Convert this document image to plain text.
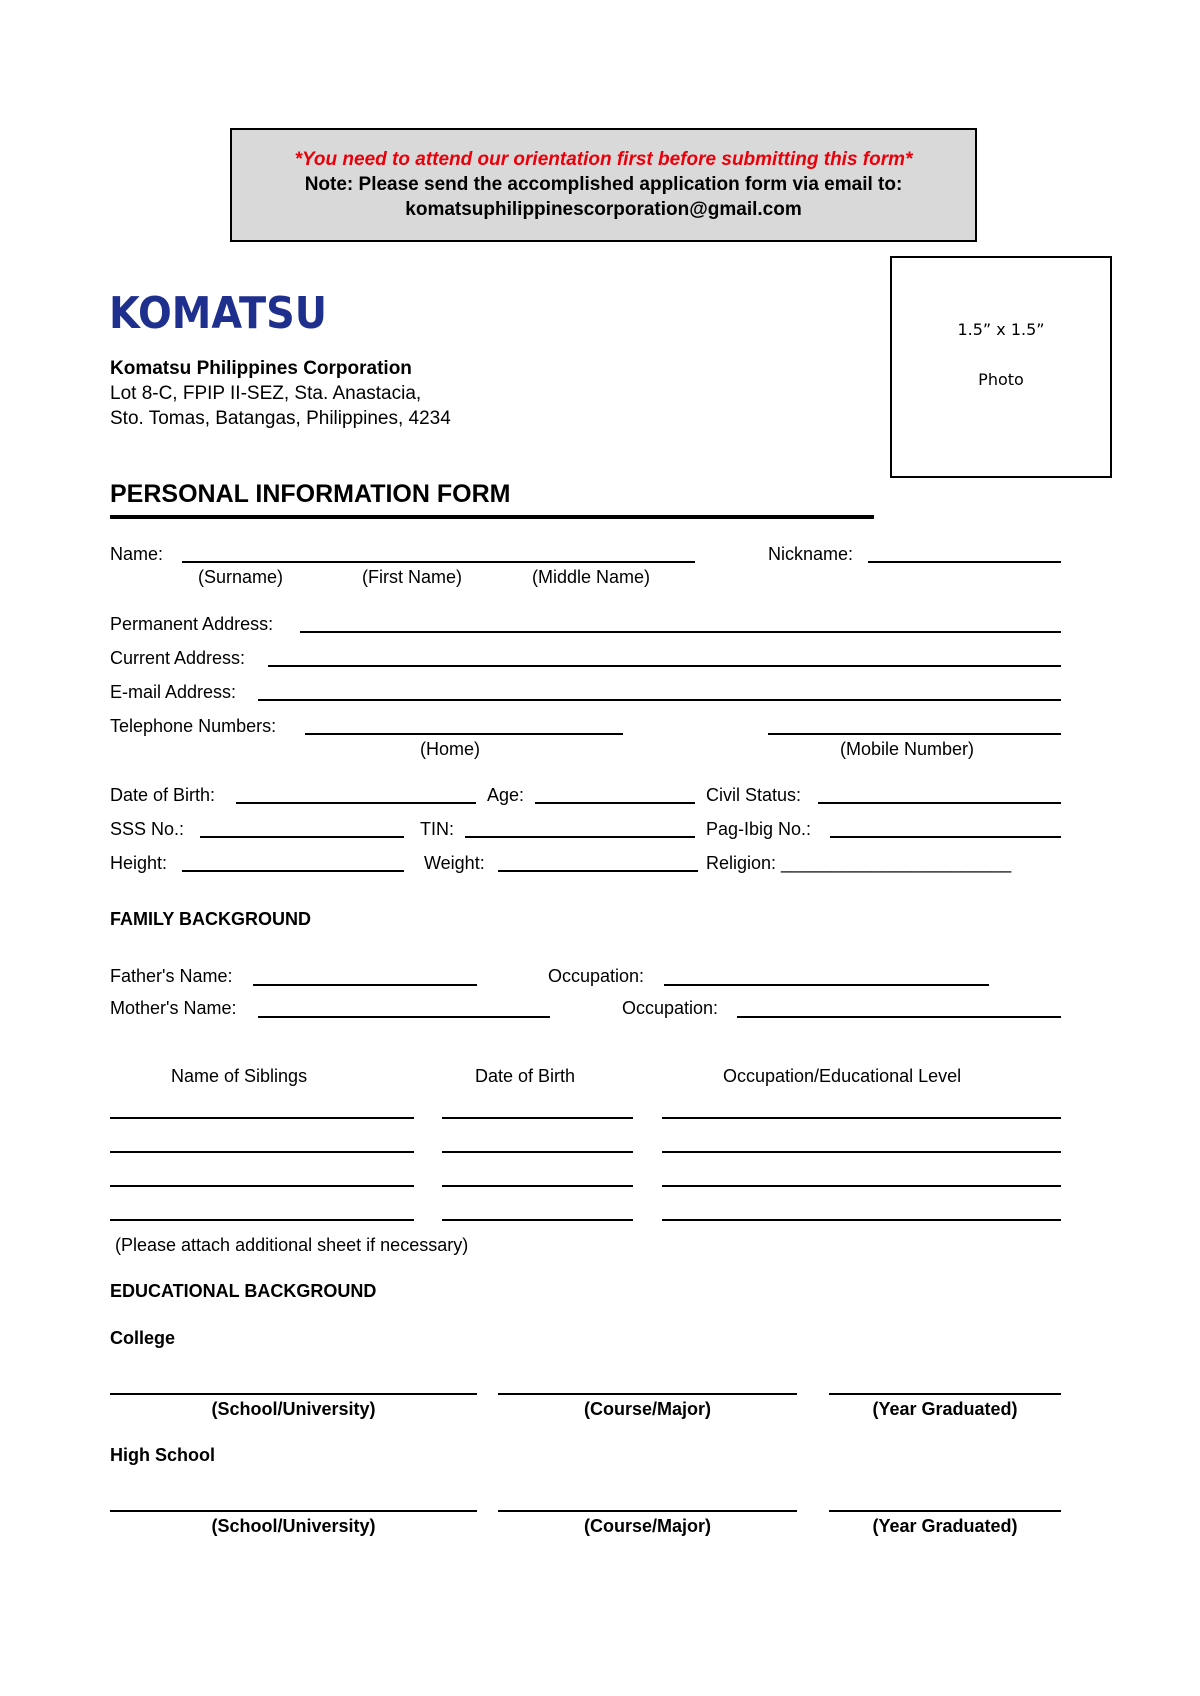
*You need to attend our orientation first before submitting this form*
Note: Please send the accomplished application form via email to:
komatsuphilippinescorporation@gmail.com
1.5” x 1.5”
Photo
KOMATSU
Komatsu Philippines Corporation
Lot 8-C, FPIP II-SEZ, Sta. Anastacia,
Sto. Tomas, Batangas, Philippines, 4234
PERSONAL INFORMATION FORM
Name:
(Surname)	(First Name)	(Middle Name)
Nickname:
Permanent Address:
Current Address:
E-mail Address:
Telephone Numbers:
(Home)	(Mobile Number)
Date of Birth:	Age:	Civil Status:
SSS No.:	TIN:	Pag-Ibig No.:
Height:	Weight:	Religion: _______________________
FAMILY BACKGROUND
Father's Name:	Occupation:
Mother's Name:	Occupation:
Name of Siblings	Date of Birth	Occupation/Educational Level
(Please attach additional sheet if necessary)
EDUCATIONAL BACKGROUND
College
(School/University)	(Course/Major)	(Year Graduated)
High School
(School/University)	(Course/Major)	(Year Graduated)
